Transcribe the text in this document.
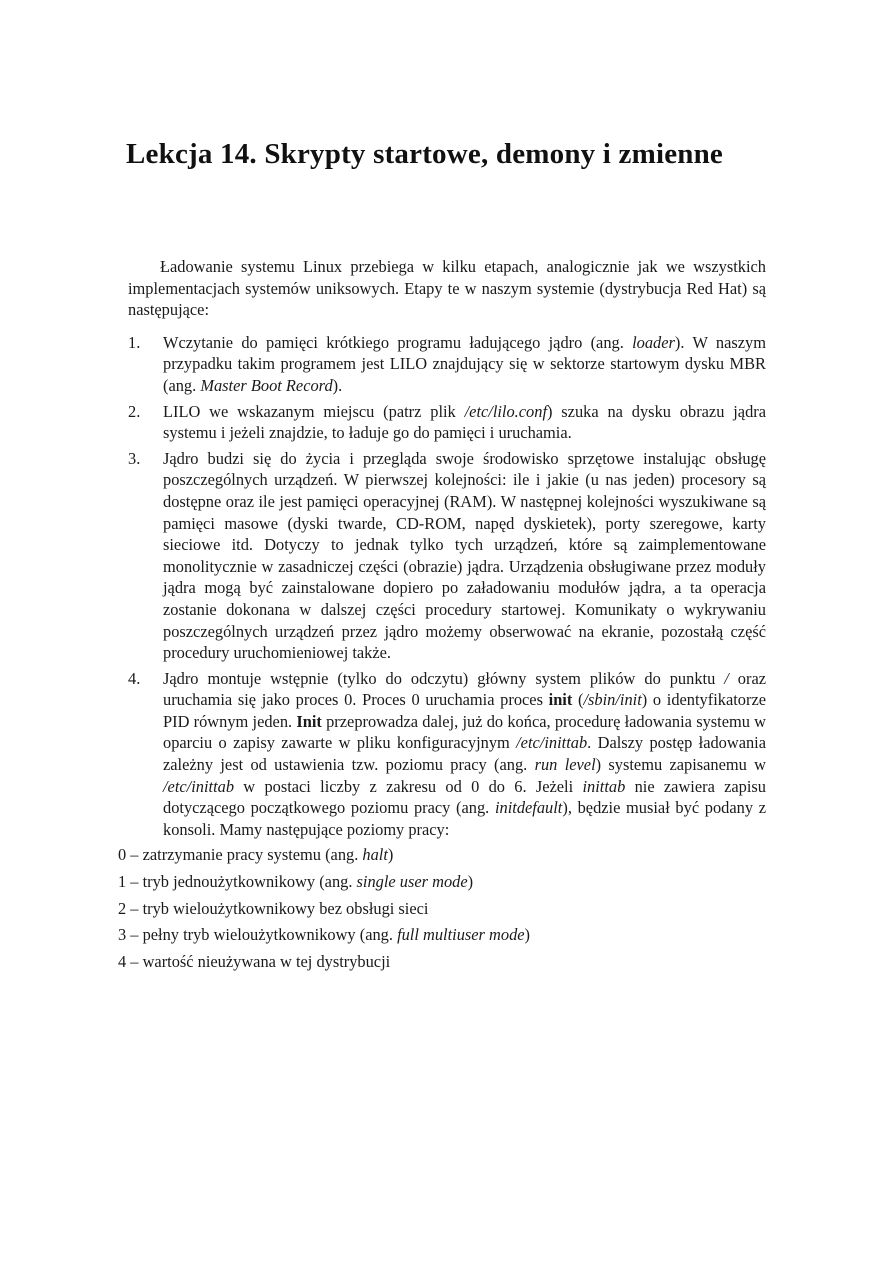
Lekcja 14. Skrypty startowe, demony i zmienne

Ładowanie systemu Linux przebiega w kilku etapach, analogicznie jak we wszystkich implementacjach systemów uniksowych. Etapy te w naszym systemie (dystrybucja Red Hat) są następujące:

1. Wczytanie do pamięci krótkiego programu ładującego jądro (ang. loader). W naszym przypadku takim programem jest LILO znajdujący się w sektorze startowym dysku MBR (ang. Master Boot Record).
2. LILO we wskazanym miejscu (patrz plik /etc/lilo.conf) szuka na dysku obrazu jądra systemu i jeżeli znajdzie, to ładuje go do pamięci i uruchamia.
3. Jądro budzi się do życia i przegląda swoje środowisko sprzętowe instalując obsługę poszczególnych urządzeń. W pierwszej kolejności: ile i jakie (u nas jeden) procesory są dostępne oraz ile jest pamięci operacyjnej (RAM). W następnej kolejności wyszukiwane są pamięci masowe (dyski twarde, CD-ROM, napęd dyskietek), porty szeregowe, karty sieciowe itd. Dotyczy to jednak tylko tych urządzeń, które są zaimplementowane monolitycznie w zasadniczej części (obrazie) jądra. Urządzenia obsługiwane przez moduły jądra mogą być zainstalowane dopiero po załadowaniu modułów jądra, a ta operacja zostanie dokonana w dalszej części procedury startowej. Komunikaty o wykrywaniu poszczególnych urządzeń przez jądro możemy obserwować na ekranie, pozostałą część procedury uruchomieniowej także.
4. Jądro montuje wstępnie (tylko do odczytu) główny system plików do punktu / oraz uruchamia się jako proces 0. Proces 0 uruchamia proces init (/sbin/init) o identyfikatorze PID równym jeden. Init przeprowadza dalej, już do końca, procedurę ładowania systemu w oparciu o zapisy zawarte w pliku konfiguracyjnym /etc/inittab. Dalszy postęp ładowania zależny jest od ustawienia tzw. poziomu pracy (ang. run level) systemu zapisanemu w /etc/inittab w postaci liczby z zakresu od 0 do 6. Jeżeli inittab nie zawiera zapisu dotyczącego początkowego poziomu pracy (ang. initdefault), będzie musiał być podany z konsoli. Mamy następujące poziomy pracy:
0 – zatrzymanie pracy systemu (ang. halt)
1 – tryb jednoużytkownikowy (ang. single user mode)
2 – tryb wieloużytkownikowy bez obsługi sieci
3 – pełny tryb wieloużytkownikowy (ang. full multiuser mode)
4 – wartość nieużywana w tej dystrybucji
